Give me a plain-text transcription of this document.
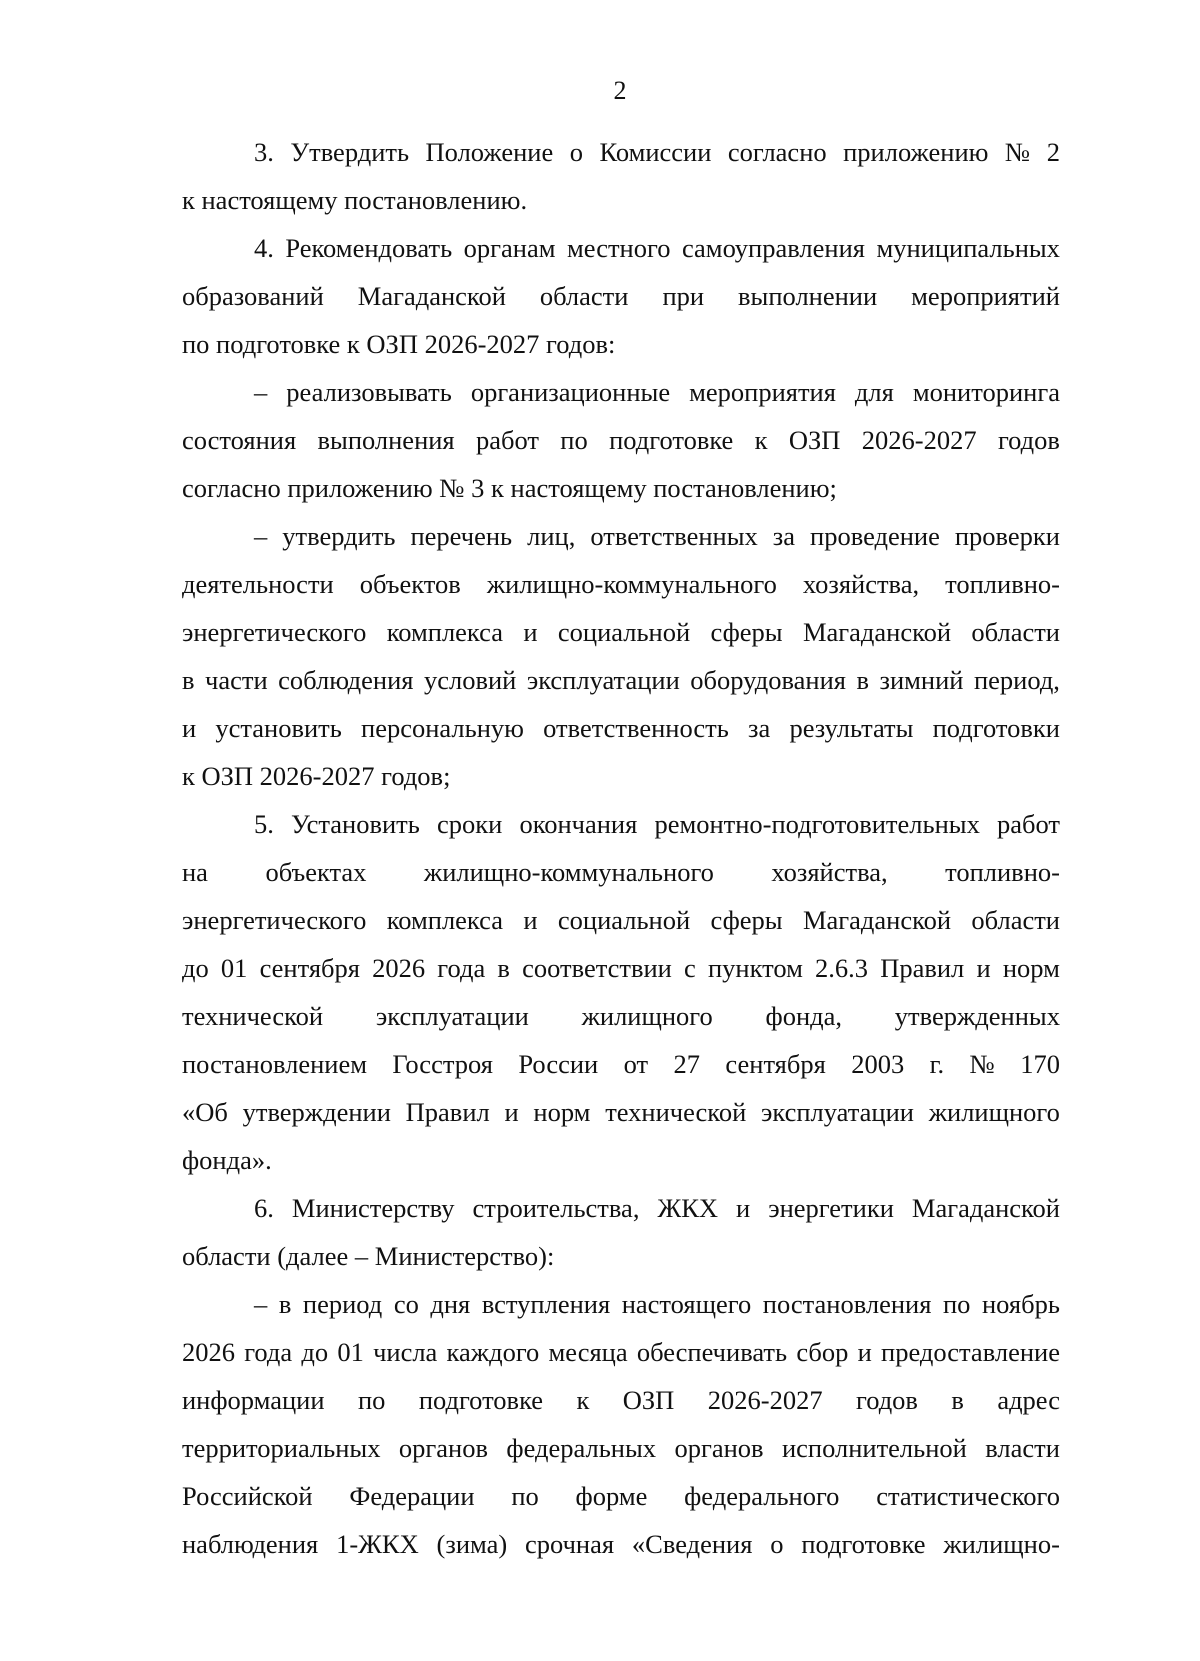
2
3. Утвердить Положение о Комиссии согласно приложению № 2
к настоящему постановлению.
4. Рекомендовать органам местного самоуправления муниципальных
образований Магаданской области при выполнении мероприятий
по подготовке к ОЗП 2026-2027 годов:
– реализовывать организационные мероприятия для мониторинга
состояния выполнения работ по подготовке к ОЗП 2026-2027 годов
согласно приложению № 3 к настоящему постановлению;
– утвердить перечень лиц, ответственных за проведение проверки
деятельности объектов жилищно-коммунального хозяйства, топливно-
энергетического комплекса и социальной сферы Магаданской области
в части соблюдения условий эксплуатации оборудования в зимний период,
и установить персональную ответственность за результаты подготовки
к ОЗП 2026-2027 годов;
5. Установить сроки окончания ремонтно-подготовительных работ
на объектах жилищно-коммунального хозяйства, топливно-
энергетического комплекса и социальной сферы Магаданской области
до 01 сентября 2026 года в соответствии с пунктом 2.6.3 Правил и норм
технической эксплуатации жилищного фонда, утвержденных
постановлением Госстроя России от 27 сентября 2003 г. № 170
«Об утверждении Правил и норм технической эксплуатации жилищного
фонда».
6. Министерству строительства, ЖКХ и энергетики Магаданской
области (далее – Министерство):
– в период со дня вступления настоящего постановления по ноябрь
2026 года до 01 числа каждого месяца обеспечивать сбор и предоставление
информации по подготовке к ОЗП 2026-2027 годов в адрес
территориальных органов федеральных органов исполнительной власти
Российской Федерации по форме федерального статистического
наблюдения 1-ЖКХ (зима) срочная «Сведения о подготовке жилищно-
